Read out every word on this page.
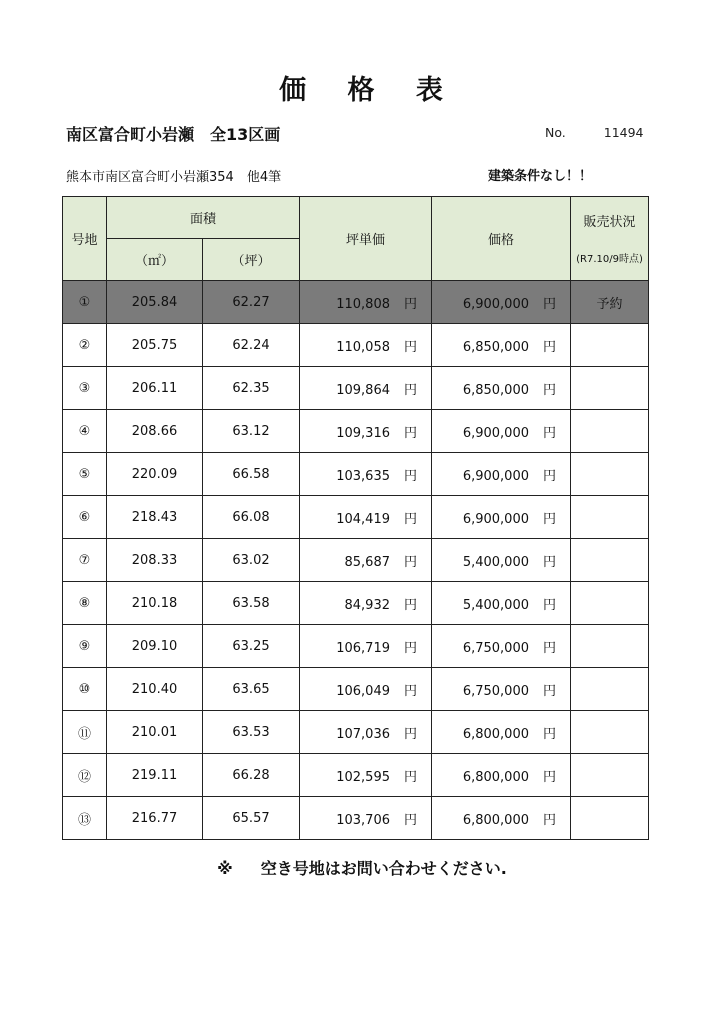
価 格 表
南区富合町小岩瀬　全13区画	No.	11494
熊本市南区富合町小岩瀬354　他4筆	建築条件なし！！
号地	面積		坪単価	価格	販売状況
(R7.10/9時点)

	（㎡）	（坪）			
①	205.84	62.27	110,808 円	6,900,000 円	予約
②	205.75	62.24	110,058 円	6,850,000 円	
③	206.11	62.35	109,864 円	6,850,000 円	
④	208.66	63.12	109,316 円	6,900,000 円	
⑤	220.09	66.58	103,635 円	6,900,000 円	
⑥	218.43	66.08	104,419 円	6,900,000 円	
⑦	208.33	63.02	85,687 円	5,400,000 円	
⑧	210.18	63.58	84,932 円	5,400,000 円	
⑨	209.10	63.25	106,719 円	6,750,000 円	
⑩	210.40	63.65	106,049 円	6,750,000 円	
⑪	210.01	63.53	107,036 円	6,800,000 円	
⑫	219.11	66.28	102,595 円	6,800,000 円	
⑬	216.77	65.57	103,706 円	6,800,000 円	
※ 空き号地はお問い合わせください.
